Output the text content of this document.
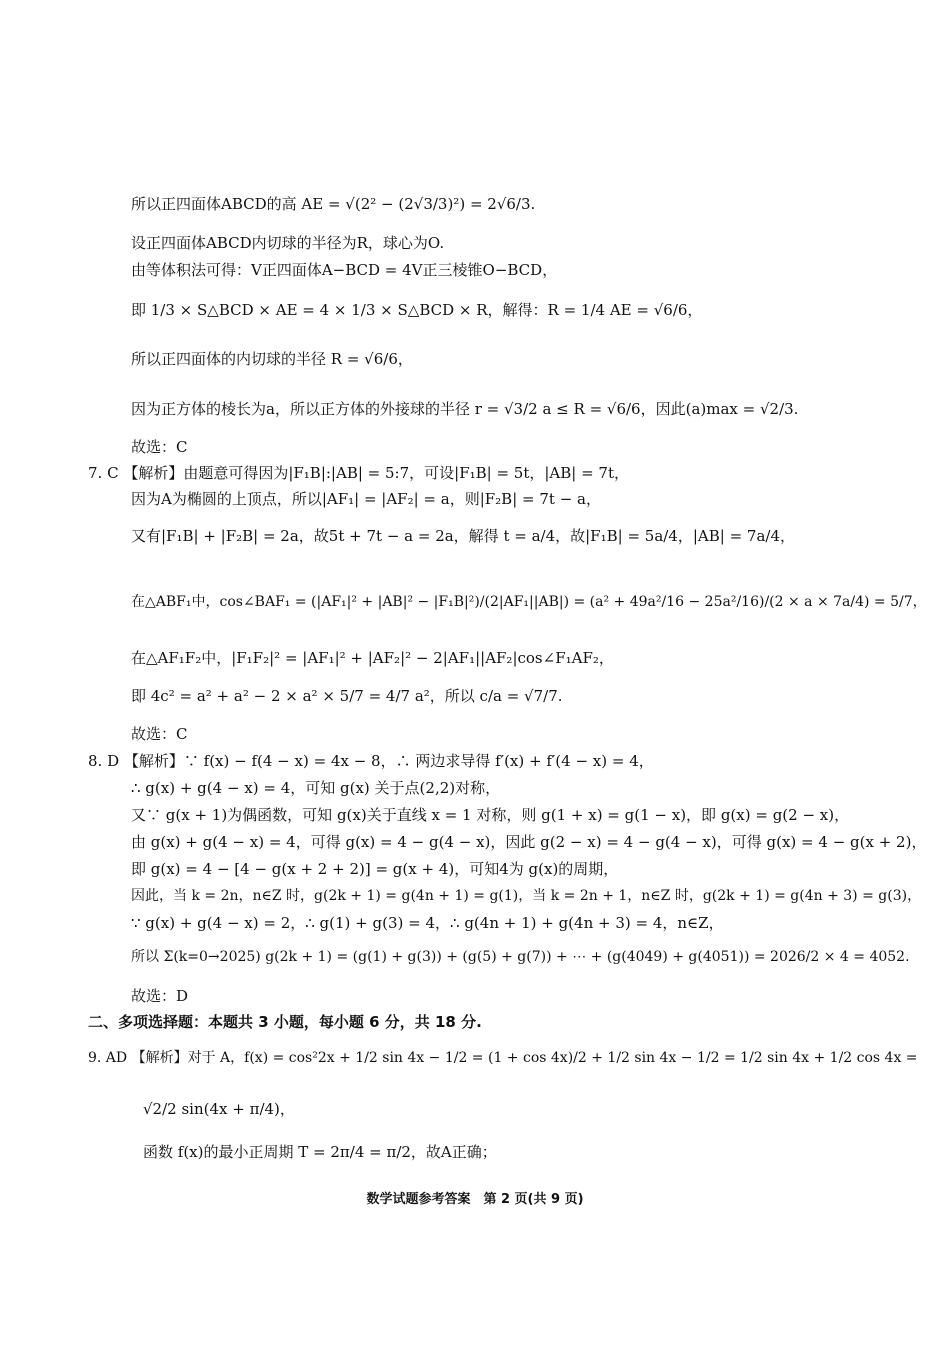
所以正四面体ABCD的高 AE = √(2² − (2√3/3)²) = 2√6/3.
设正四面体ABCD内切球的半径为R，球心为O.
由等体积法可得：V正四面体A−BCD = 4V正三棱锥O−BCD，
即 1/3 × S△BCD × AE = 4 × 1/3 × S△BCD × R，解得：R = 1/4 AE = √6/6，
所以正四面体的内切球的半径 R = √6/6，
因为正方体的棱长为a，所以正方体的外接球的半径 r = √3/2 a ≤ R = √6/6，因此(a)max = √2/3.
故选：C
7. C 【解析】由题意可得因为|F₁B|:|AB| = 5:7，可设|F₁B| = 5t，|AB| = 7t，
因为A为椭圆的上顶点，所以|AF₁| = |AF₂| = a，则|F₂B| = 7t − a，
又有|F₁B| + |F₂B| = 2a，故5t + 7t − a = 2a，解得 t = a/4，故|F₁B| = 5a/4，|AB| = 7a/4，
在△ABF₁中，cos∠BAF₁ = (|AF₁|² + |AB|² − |F₁B|²)/(2|AF₁||AB|) = (a² + 49a²/16 − 25a²/16)/(2 × a × 7a/4) = 5/7，
在△AF₁F₂中，|F₁F₂|² = |AF₁|² + |AF₂|² − 2|AF₁||AF₂|cos∠F₁AF₂，
即 4c² = a² + a² − 2 × a² × 5/7 = 4/7 a²，所以 c/a = √7/7.
故选：C
8. D 【解析】∵ f(x) − f(4 − x) = 4x − 8，∴ 两边求导得 f′(x) + f′(4 − x) = 4，
∴ g(x) + g(4 − x) = 4，可知 g(x) 关于点(2,2)对称，
又∵ g(x + 1)为偶函数，可知 g(x)关于直线 x = 1 对称，则 g(1 + x) = g(1 − x)，即 g(x) = g(2 − x)，
由 g(x) + g(4 − x) = 4，可得 g(x) = 4 − g(4 − x)，因此 g(2 − x) = 4 − g(4 − x)，可得 g(x) = 4 − g(x + 2)，
即 g(x) = 4 − [4 − g(x + 2 + 2)] = g(x + 4)，可知4为 g(x)的周期，
因此，当 k = 2n，n∈Z 时，g(2k + 1) = g(4n + 1) = g(1)，当 k = 2n + 1，n∈Z 时，g(2k + 1) = g(4n + 3) = g(3)，
∵ g(x) + g(4 − x) = 2，∴ g(1) + g(3) = 4，∴ g(4n + 1) + g(4n + 3) = 4，n∈Z，
所以 Σ(k=0→2025) g(2k + 1) = (g(1) + g(3)) + (g(5) + g(7)) + ⋯ + (g(4049) + g(4051)) = 2026/2 × 4 = 4052.
故选：D
二、多项选择题：本题共 3 小题，每小题 6 分，共 18 分.
9. AD 【解析】对于 A，f(x) = cos²2x + 1/2 sin 4x − 1/2 = (1 + cos 4x)/2 + 1/2 sin 4x − 1/2 = 1/2 sin 4x + 1/2 cos 4x =
√2/2 sin(4x + π/4)，
函数 f(x)的最小正周期 T = 2π/4 = π/2，故A正确；
数学试题参考答案　第 2 页(共 9 页)
